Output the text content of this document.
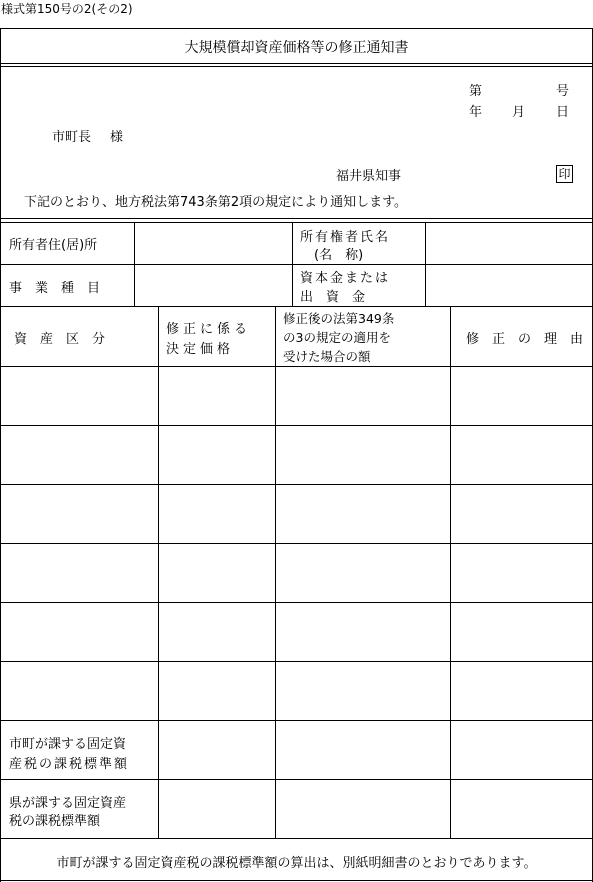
様式第150号の2(その2)
大規模償却資産価格等の修正通知書
第	号
年 月 日
市町長 様
福井県知事	印
下記のとおり、地方税法第743条第2項の規定により通知します。
所有者住(居)所
所有権者氏名
(名　称)
事　業　種　目
資本金または
出　資　金
資　産　区　分
修正に係る
決定価格
修正後の法第349条
の3の規定の適用を
受けた場合の額
修　正　の　理　由
市町が課する固定資
産税の課税標準額
県が課する固定資産
税の課税標準額
市町が課する固定資産税の課税標準額の算出は、別紙明細書のとおりであります。
